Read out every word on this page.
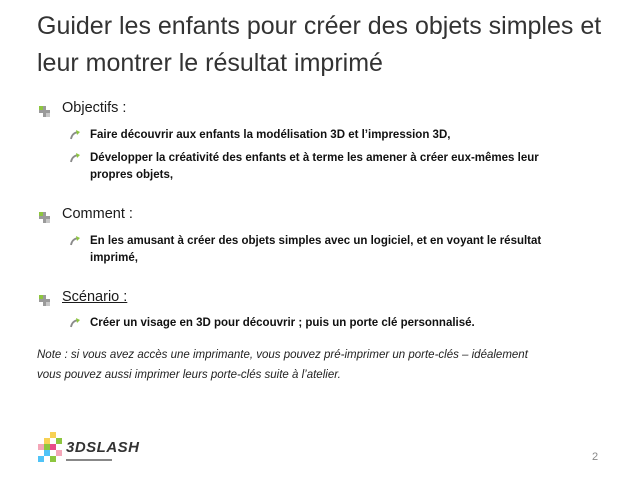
Guider les enfants pour créer des objets simples et
leur montrer le résultat imprimé
Objectifs :
Faire découvrir aux enfants la modélisation 3D et l’impression 3D,
Développer la créativité des enfants et à terme les amener à créer eux-mêmes leur
propres objets,
Comment :
En les amusant à créer des objets simples avec un logiciel, et en voyant le résultat
imprimé,
Scénario :
Créer un visage en 3D pour découvrir ; puis un porte clé personnalisé.
Note : si vous avez accès une imprimante, vous pouvez pré-imprimer un porte-clés – idéalement
vous pouvez aussi imprimer leurs porte-clés suite à l’atelier.
3DSLASH
2
